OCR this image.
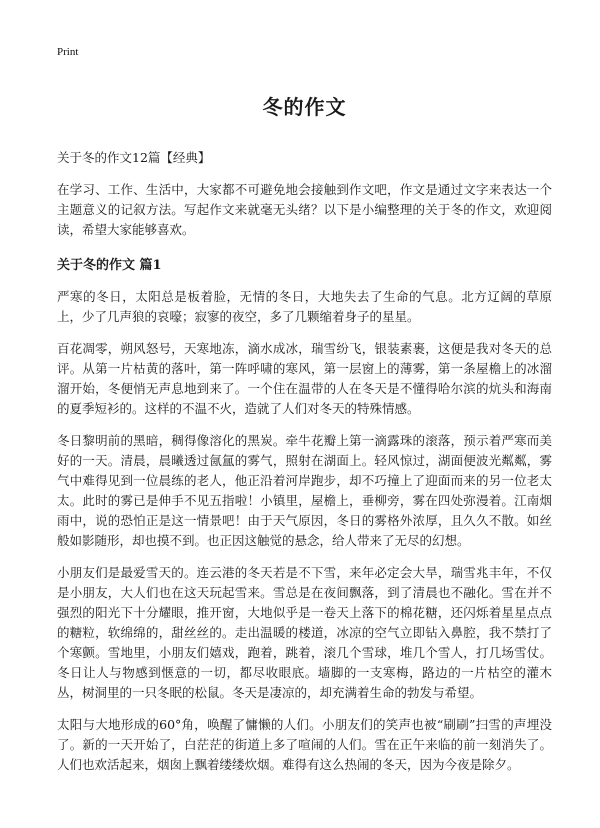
Print
冬的作文
关于冬的作文12篇【经典】

在学习、工作、生活中，大家都不可避免地会接触到作文吧，作文是通过文字来表达一个主题意义的记叙方法。写起作文来就毫无头绪？以下是小编整理的关于冬的作文，欢迎阅读，希望大家能够喜欢。

关于冬的作文 篇1

严寒的冬日，太阳总是板着脸，无情的冬日，大地失去了生命的气息。北方辽阔的草原上，少了几声狼的哀嚎；寂寥的夜空，多了几颗缩着身子的星星。

百花凋零，朔风怒号，天寒地冻，滴水成冰，瑞雪纷飞，银装素裹，这便是我对冬天的总评。从第一片枯黄的落叶，第一阵呼啸的寒风，第一层窗上的薄雾，第一条屋檐上的冰溜溜开始，冬便悄无声息地到来了。一个住在温带的人在冬天是不懂得哈尔滨的炕头和海南的夏季短衫的。这样的不温不火，造就了人们对冬天的特殊情感。

冬日黎明前的黑暗，稠得像溶化的黑炭。牵牛花瓣上第一滴露珠的滚落，预示着严寒而美好的一天。清晨，晨曦透过氤氲的雾气，照射在湖面上。轻风惊过，湖面便波光粼粼，雾气中难得见到一位晨练的老人，他正沿着河岸跑步，却不巧撞上了迎面而来的另一位老太太。此时的雾已是伸手不见五指啦！小镇里，屋檐上，垂柳旁，雾在四处弥漫着。江南烟雨中，说的恐怕正是这一情景吧！由于天气原因，冬日的雾格外浓厚，且久久不散。如丝般如影随形，却也摸不到。也正因这触觉的悬念，给人带来了无尽的幻想。

小朋友们是最爱雪天的。连云港的冬天若是不下雪，来年必定会大旱，瑞雪兆丰年，不仅是小朋友，大人们也在这天玩起雪来。雪总是在夜间飘落，到了清晨也不融化。雪在并不强烈的阳光下十分耀眼，推开窗，大地似乎是一卷天上落下的棉花糖，还闪烁着星星点点的糖粒，软绵绵的，甜丝丝的。走出温暖的楼道，冰凉的空气立即钻入鼻腔，我不禁打了个寒颤。雪地里，小朋友们嬉戏，跑着，跳着，滚几个雪球，堆几个雪人，打几场雪仗。冬日让人与物感到惬意的一切，都尽收眼底。墙脚的一支寒梅，路边的一片枯空的灌木丛，树洞里的一只冬眠的松鼠。冬天是凄凉的，却充满着生命的勃发与希望。

太阳与大地形成的60°角，唤醒了慵懒的人们。小朋友们的笑声也被“刷刷”扫雪的声埋没了。新的一天开始了，白茫茫的街道上多了喧闹的人们。雪在正午来临的前一刻消失了。人们也欢活起来，烟囱上飘着缕缕炊烟。难得有这么热闹的冬天，因为今夜是除夕。
